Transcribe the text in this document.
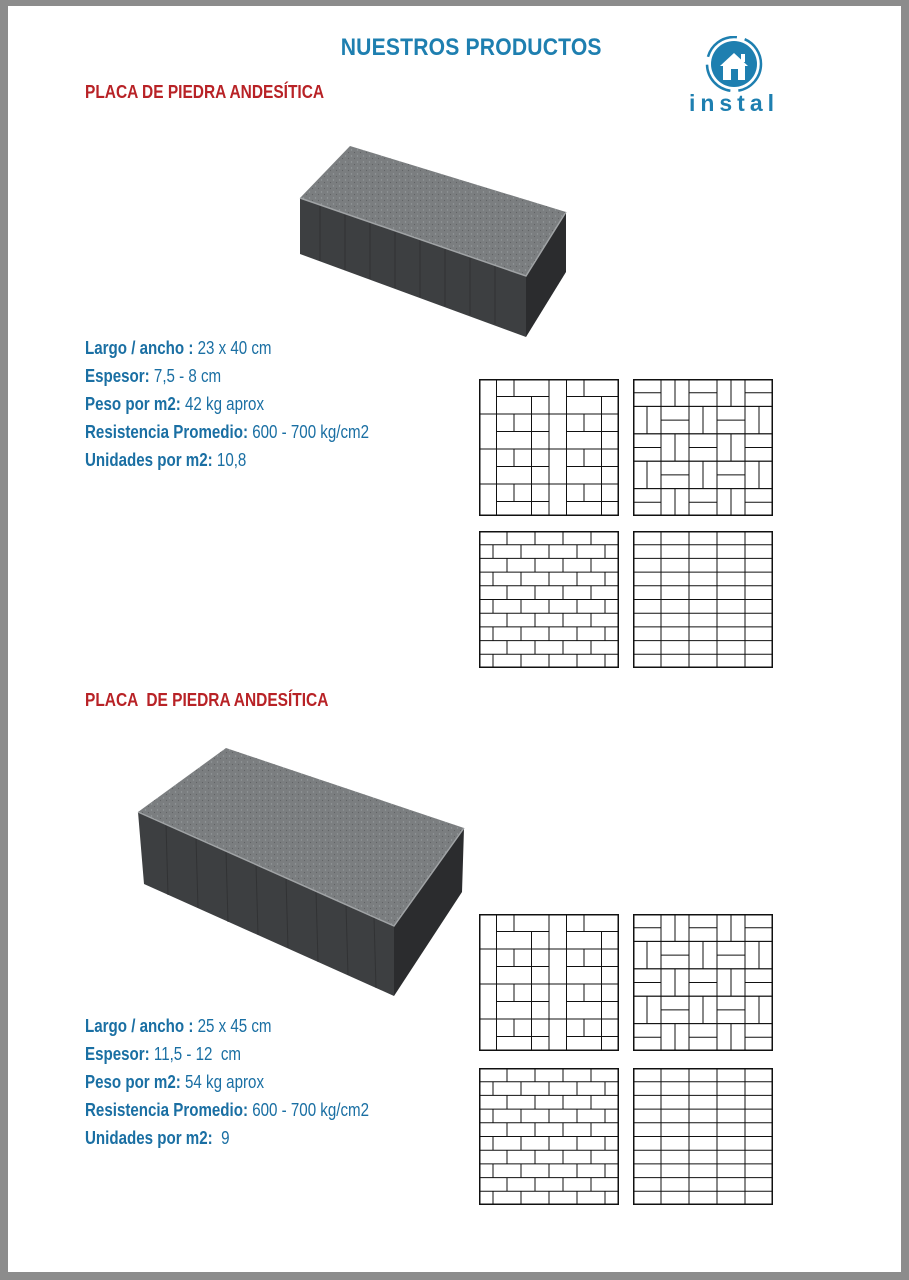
NUESTROS PRODUCTOS
instal
PLACA DE PIEDRA ANDESÍTICA
Largo / ancho : 23 x 40 cm
Espesor: 7,5 - 8 cm
Peso por m2: 42 kg aprox
Resistencia Promedio: 600 - 700 kg/cm2
Unidades por m2: 10,8
PLACA  DE PIEDRA ANDESÍTICA
Largo / ancho : 25 x 45 cm
Espesor: 11,5 - 12  cm
Peso por m2: 54 kg aprox
Resistencia Promedio: 600 - 700 kg/cm2
Unidades por m2:  9
